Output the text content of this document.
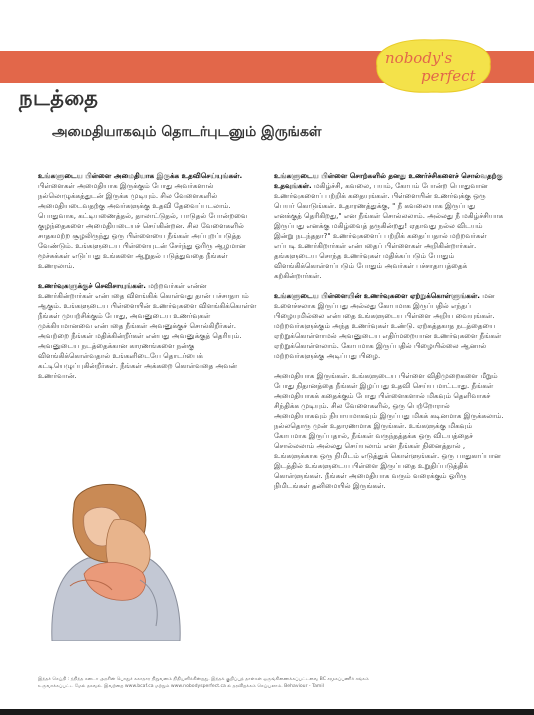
nobody's
perfect
நடத்தை
அமைதியாகவும் தொடர்புடனும் இருங்கள்

உங்களுடைய பிள்ளை அமைதியாக இருக்க உதவிசெய்யுங்கள். பிள்ளைகள் அமைதியாக இருக்கும் போது அவர்களால் நல்லொழுக்கத்துடன் இருக்க முடியும். சில வேளைகளில் அமைதியடைவதற்கு அவர்களுக்கு உதவி தேவைப்படலாம். பொதுவாக, கட்டியணைத்தல், தாலாட்டுதல், பாடுதல் போன்றவை குழந்தைகளை அமைதியடையச் செய்கின்றன. சில வேளைகளில் சாதகமற்ற சூழலிருந்து ஒரு பிள்ளையை நீங்கள் அப்புறப்படுத்த வேண்டும். உங்களுடைய பிள்ளையுடன் சேர்ந்து ஓரிரு ஆழமான மூச்சுக்கள் எடுப்பது உங்களை ஆறுதல் படுத்துவதை நீங்கள் உணரலாம்.

உணர்வுகளுக்குச் செவிசாயுங்கள். மற்றவர்கள் என்ன உணர்கின்றார்கள் என்பதை விளங்கிக் கொள்வது தான் பச்சாதாபம் ஆகும். உங்களுடைய பிள்ளையின் உணர்வுகளை விளங்கிக்கொள்ள நீங்கள் முயற்சிக்கும் போது, அவனுடைய உணர்வுகள் முக்கியமானவை என்பதை நீங்கள் அவனுக்குச் சொல்கிறீர்கள். அவற்றை நீங்கள் மதிக்கின்றீர்கள் என்பது அவனுக்குத் தெரியும். அவனுடைய நடத்தைக்கான காரணங்களை நன்கு விளங்கிக்கொள்வதால் உங்களிடையே தொடர்பைக் கட்டியெழுப்புகின்றீர்கள். நீங்கள் அக்கறை கொள்வதை அவன் உணர்வான்.

உங்களுடைய பிள்ளை சொற்களில் தனது உணர்ச்சிகளைச் சொல்வதற்கு உதவுங்கள். மகிழ்ச்சி, கவலை, பயம், கோபம் போன்ற பொதுவான உணர்வுகளைப் பற்றிக் கதையுங்கள். பிள்ளையின் உணர்வுக்கு ஒரு பெயர் கொடுங்கள். உதாரணத்துக்கு, " நீ கவலையாக இருப்பது எனக்குத் தெரிகிறது," என நீங்கள் சொல்லலாம். அல்லது நீ மகிழ்ச்சியாக இருப்பது எனக்கு மகிழ்வைத் தருகின்றது! ஏதாவது நல்ல விடயம் இன்று நடந்ததா?" உணர்வுகளைப் பற்றிக் கதைப்பதால் மற்றவர்கள் எப்படி உணர்கிறார்கள் என்பதைப் பிள்ளைகள் அறிகின்றார்கள். தங்களுடைய சொந்த உணர்வுகள் மதிக்கப்படும் போதும் விளங்கிக்கொள்ளப்படும் போதும் அவர்கள் பச்சாதாபத்தைக் கற்கின்றார்கள்.

உங்களுடைய பிள்ளையின் உணர்வுகளை ஏற்றுக்கொள்ளுங்கள். மன உளைச்சலாக இருப்பது அல்லது கோபமாக இருப்பதில் எந்தப் பிழையுமில்லை என்பதை உங்களுடைய பிள்ளை அறிய வையுங்கள். மற்றவர்களுக்கும் அந்த உணர்வுகள் உண்டு. ஏற்கத்தகாத நடத்தையை ஏற்றுக்கொள்ளாமல் அவனுடைய எதிர்மறையான உணர்வுகளை நீங்கள் ஏற்றுக்கொள்ளலாம். கோபமாக இருப்பதில் பிழையில்லை ஆனால் மற்றவர்களுக்கு அடிப்பது பிழை.

அமைதியாக இருங்கள். உங்களுடைய பிள்ளை விதிமுறைகளை மீறும் போது நிதானத்தை நீங்கள் இழப்பது உதவி செய்ய மாட்டாது. நீங்கள் அமைதியாகக் கதைக்கும் போது பிள்ளைகளால் மிகவும் தெளிவாகச் சிந்திக்க முடியும். சில வேளைகளில், ஒரு பெற்றோரால் அமைதியாகவும் நியாயமாகவும் இருப்பது மிகக் கடினமாக இருக்கலாம். நல்லதொரு முன் உதாரணமாக இருங்கள். உங்களுக்கு மிகவும் கோபமாக இருப்பதால், நீங்கள் வருந்தத்தக்க ஒரு விடயத்தைச் சொல்லலாம் அல்லது செய்யலாம் என நீங்கள் நினைத்தால் , உங்களுக்காக ஒரு நிமிடம் எடுத்துக் கொள்ளுங்கள். ஒரு பாதுகாப்பான இடத்தில் உங்களுடைய பிள்ளை இருப்பதை உறுதிப்படுத்திக் கொள்ளுங்கள். நீங்கள் அமைதியாக வரும் வரைக்கும் ஓரிரு நிமிடங்கள் தனிமையில் இருங்கள்.

இந்தச் செய்தி : ந்நிந்த கனடா அரசின் பொதுச் சுகாதார நிறுவனம் நிதியளிக்கின்றது. இந்தக் குறிப்புத் தாள்கள் ஒருங்கிணைக்கப்பட்டவை BC சமூகப்பணிச் சங்கம்
உருவாக்கப்பட்ட மேல் தகவல். இவற்றை www.bcaf.ca மற்றும் www.nobodysperfect.ca ல் தரவிறக்கம் செய்யலாம். Behaviour - Tamil
